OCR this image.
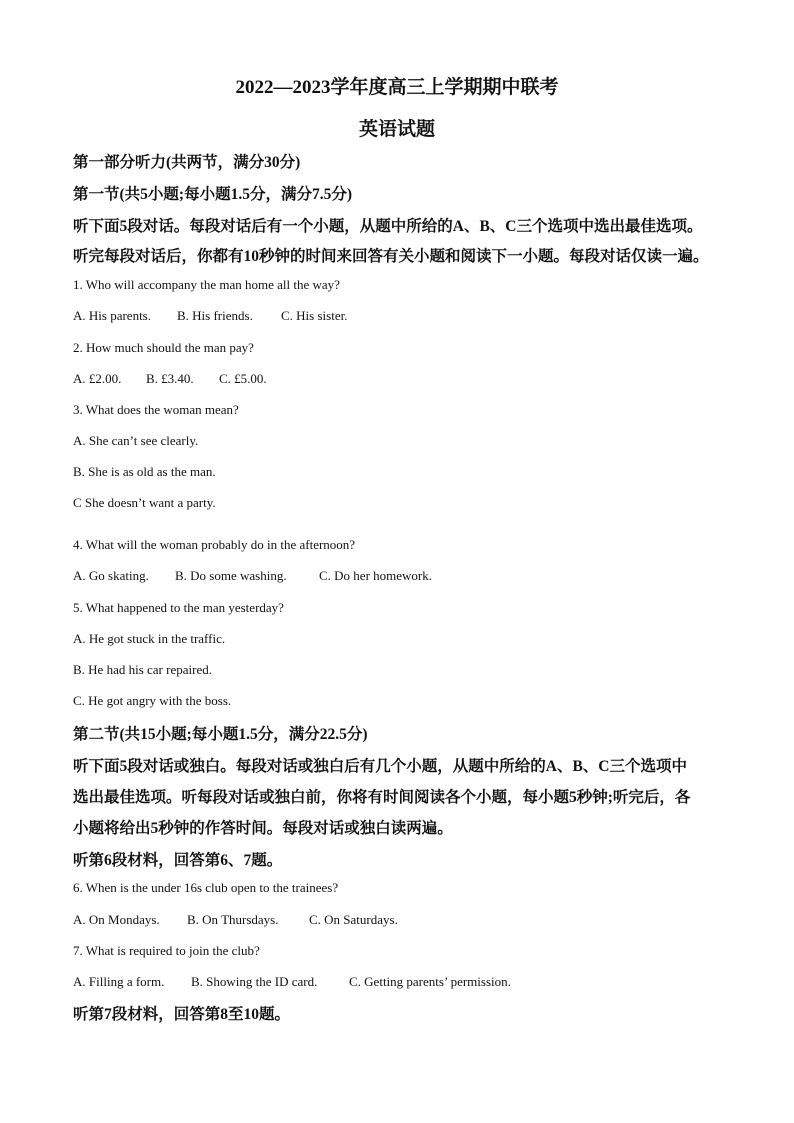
2022—2023学年度高三上学期期中联考
英语试题
第一部分听力(共两节，满分30分)
第一节(共5小题;每小题1.5分，满分7.5分)
听下面5段对话。每段对话后有一个小题，从题中所给的A、B、C三个选项中选出最佳选项。
听完每段对话后，你都有10秒钟的时间来回答有关小题和阅读下一小题。每段对话仅读一遍。
1. Who will accompany the man home all the way?
A. His parents. B. His friends. C. His sister.
2. How much should the man pay?
A. £2.00. B. £3.40. C. £5.00.
3. What does the woman mean?
A. She can’t see clearly.
B. She is as old as the man.
C She doesn’t want a party.
4. What will the woman probably do in the afternoon?
A. Go skating. B. Do some washing. C. Do her homework.
5. What happened to the man yesterday?
A. He got stuck in the traffic.
B. He had his car repaired.
C. He got angry with the boss.
第二节(共15小题;每小题1.5分，满分22.5分)
听下面5段对话或独白。每段对话或独白后有几个小题，从题中所给的A、B、C三个选项中
选出最佳选项。听每段对话或独白前，你将有时间阅读各个小题，每小题5秒钟;听完后，各
小题将给出5秒钟的作答时间。每段对话或独白读两遍。
听第6段材料，回答第6、7题。
6. When is the under 16s club open to the trainees?
A. On Mondays. B. On Thursdays. C. On Saturdays.
7. What is required to join the club?
A. Filling a form. B. Showing the ID card. C. Getting parents’ permission.
听第7段材料，回答第8至10题。
